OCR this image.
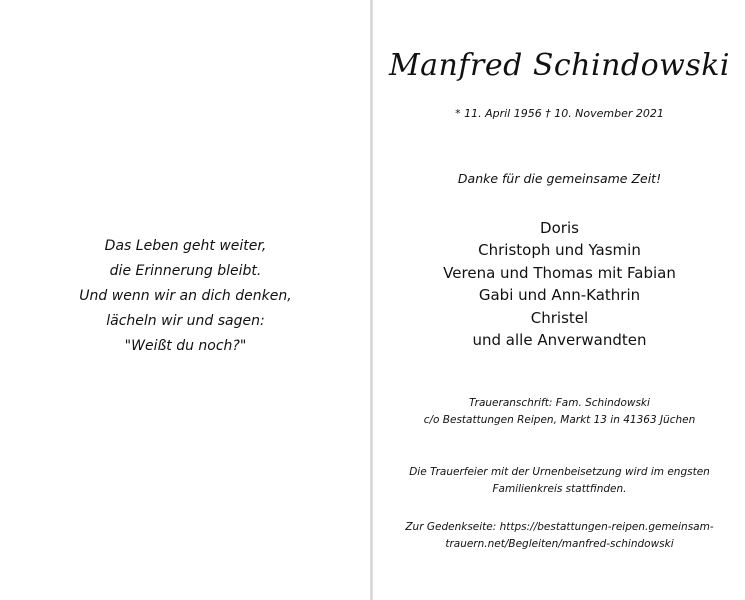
Das Leben geht weiter,
die Erinnerung bleibt.
Und wenn wir an dich denken,
lächeln wir und sagen:
"Weißt du noch?"
Manfred Schindowski
* 11. April 1956 † 10. November 2021
Danke für die gemeinsame Zeit!
Doris
Christoph und Yasmin
Verena und Thomas mit Fabian
Gabi und Ann-Kathrin
Christel
und alle Anverwandten
Traueranschrift: Fam. Schindowski
c/o Bestattungen Reipen, Markt 13 in 41363 Jüchen
Die Trauerfeier mit der Urnenbeisetzung wird im engsten
Familienkreis stattfinden.
Zur Gedenkseite: https://bestattungen-reipen.gemeinsam-
trauern.net/Begleiten/manfred-schindowski
